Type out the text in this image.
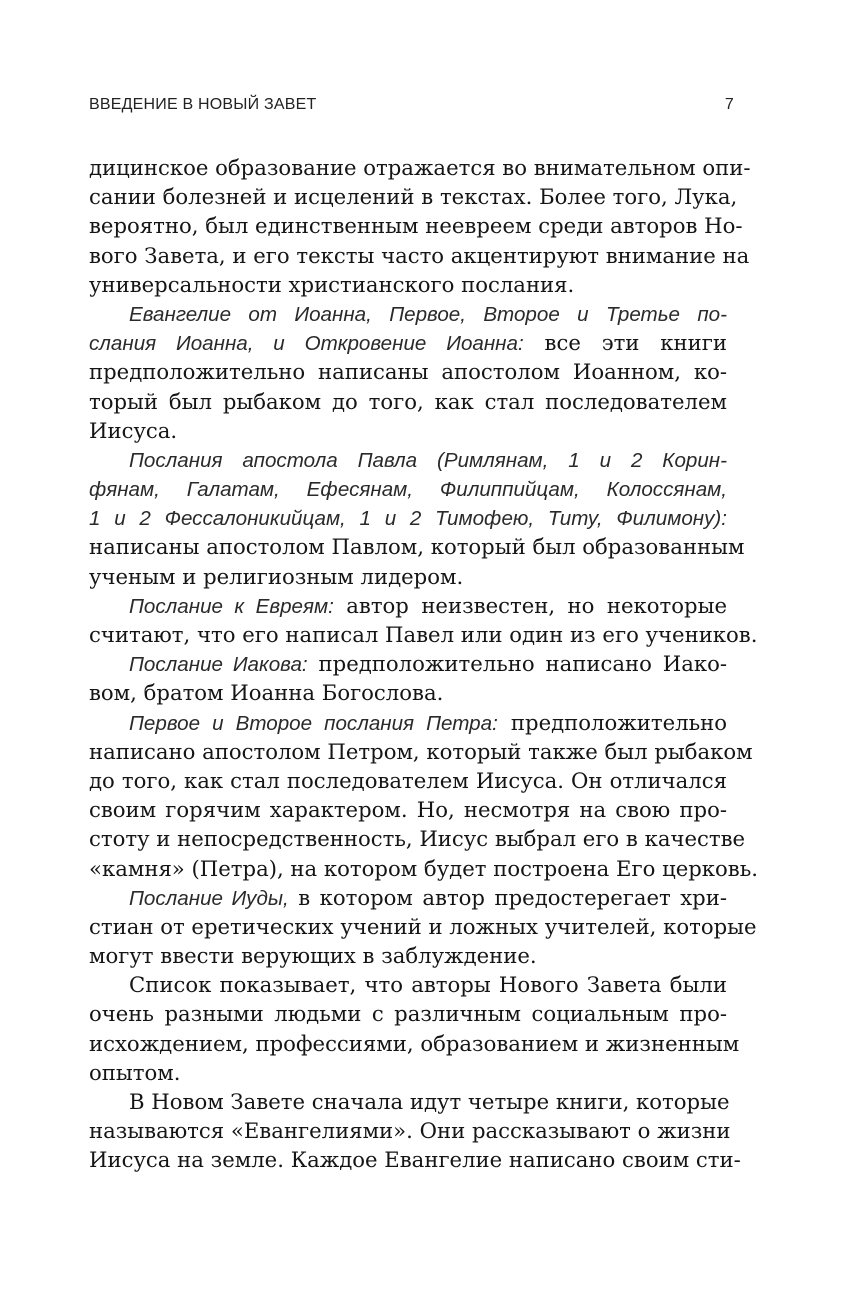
ВВЕДЕНИЕ В НОВЫЙ ЗАВЕТ	7
дицинское образование отражается во внимательном опи-
сании болезней и исцелений в текстах. Более того, Лука,
вероятно, был единственным неевреем среди авторов Но-
вого Завета, и его тексты часто акцентируют внимание на
универсальности христианского послания.
Евангелие от Иоанна, Первое, Второе и Третье по-
слания Иоанна, и Откровение Иоанна: все эти книги
предположительно написаны апостолом Иоанном, ко-
торый был рыбаком до того, как стал последователем
Иисуса.
Послания апостола Павла (Римлянам, 1 и 2 Корин-
фянам, Галатам, Ефесянам, Филиппийцам, Колоссянам,
1 и 2 Фессалоникийцам, 1 и 2 Тимофею, Титу, Филимону):
написаны апостолом Павлом, который был образованным
ученым и религиозным лидером.
Послание к Евреям: автор неизвестен, но некоторые
считают, что его написал Павел или один из его учеников.
Послание Иакова: предположительно написано Иако-
вом, братом Иоанна Богослова.
Первое и Второе послания Петра: предположительно
написано апостолом Петром, который также был рыбаком
до того, как стал последователем Иисуса. Он отличался
своим горячим характером. Но, несмотря на свою про-
стоту и непосредственность, Иисус выбрал его в качестве
«камня» (Петра), на котором будет построена Его церковь.
Послание Иуды, в котором автор предостерегает хри-
стиан от еретических учений и ложных учителей, которые
могут ввести верующих в заблуждение.
Список показывает, что авторы Нового Завета были
очень разными людьми с различным социальным про-
исхождением, профессиями, образованием и жизненным
опытом.
В Новом Завете сначала идут четыре книги, которые
называются «Евангелиями». Они рассказывают о жизни
Иисуса на земле. Каждое Евангелие написано своим сти-
